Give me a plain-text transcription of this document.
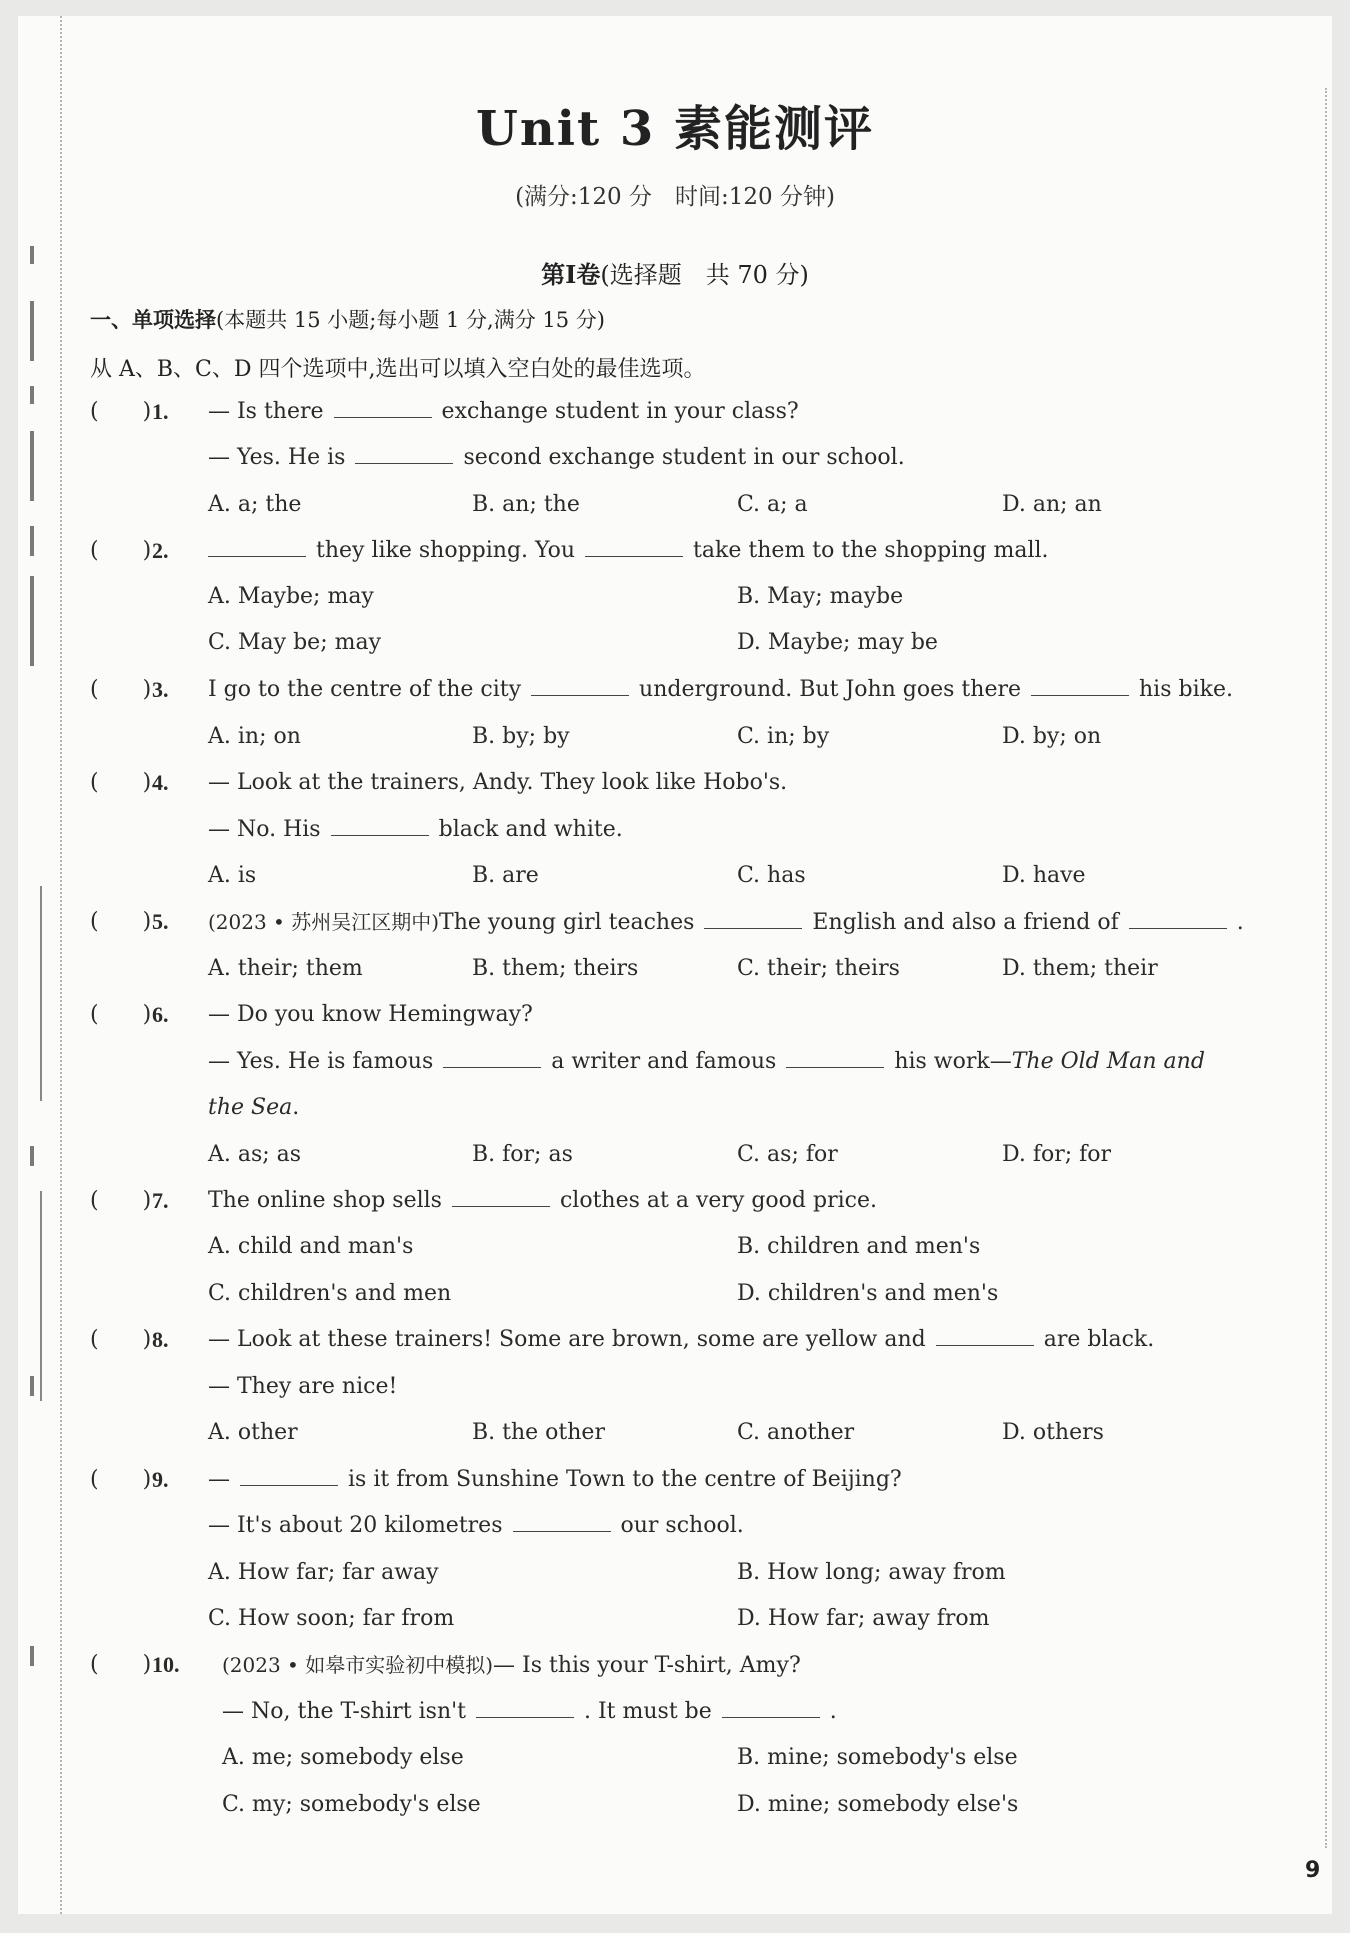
Unit 3 素能测评
(满分:120 分　时间:120 分钟)
第Ⅰ卷(选择题　共 70 分)
一、单项选择(本题共 15 小题;每小题 1 分,满分 15 分)
从 A、B、C、D 四个选项中,选出可以填入空白处的最佳选项。
(　　) 1. — Is there	exchange student in your class?
— Yes. He is	second exchange student in our school.
A. a; the	B. an; the	C. a; a	D. an; an
(　　) 2.	they like shopping. You	take them to the shopping mall.
A. Maybe; may	B. May; maybe
C. May be; may	D. Maybe; may be
(　　) 3. I go to the centre of the city	underground. But John goes there	his bike.
A. in; on	B. by; by	C. in; by	D. by; on
(　　) 4. — Look at the trainers, Andy. They look like Hobo's.
— No. His	black and white.
A. is	B. are	C. has	D. have
(　　) 5. (2023 • 苏州吴江区期中)The young girl teaches	English and also a friend of	.
A. their; them	B. them; theirs	C. their; theirs	D. them; their
(　　) 6. — Do you know Hemingway?
— Yes. He is famous	a writer and famous	his work—The Old Man and
the Sea.
A. as; as	B. for; as	C. as; for	D. for; for
(　　) 7. The online shop sells	clothes at a very good price.
A. child and man's	B. children and men's
C. children's and men	D. children's and men's
(　　) 8. — Look at these trainers! Some are brown, some are yellow and	are black.
— They are nice!
A. other	B. the other	C. another	D. others
(　　) 9. —	is it from Sunshine Town to the centre of Beijing?
— It's about 20 kilometres	our school.
A. How far; far away	B. How long; away from
C. How soon; far from	D. How far; away from
(　　) 10. (2023 • 如皋市实验初中模拟)— Is this your T-shirt, Amy?
— No, the T-shirt isn't	. It must be	.
A. me; somebody else	B. mine; somebody's else
C. my; somebody's else	D. mine; somebody else's
9
